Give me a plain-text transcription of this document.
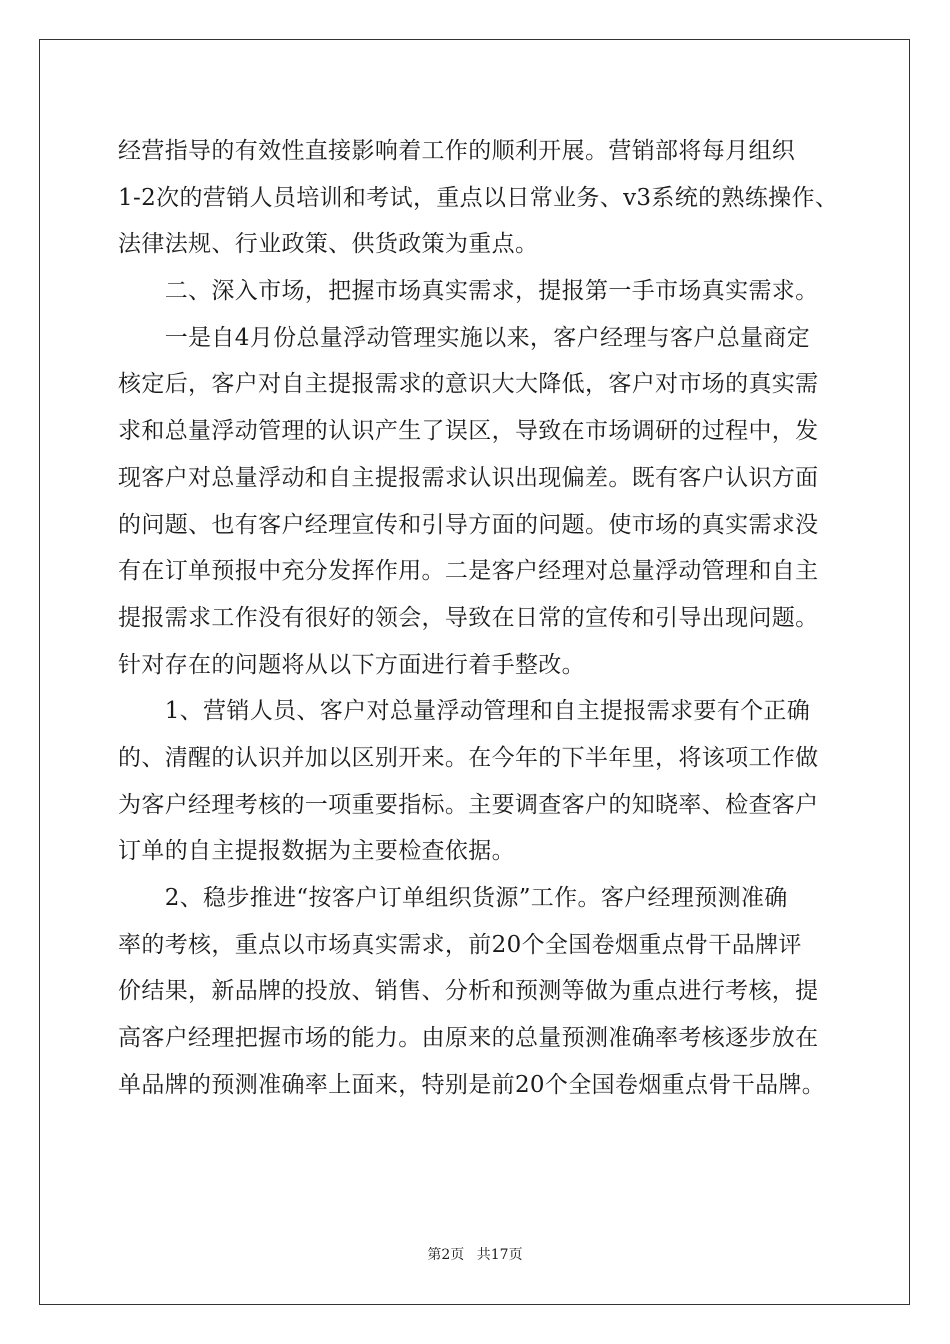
经营指导的有效性直接影响着工作的顺利开展。营销部将每月组织
1-2次的营销人员培训和考试，重点以日常业务、v3系统的熟练操作、
法律法规、行业政策、供货政策为重点。
　　二、深入市场，把握市场真实需求，提报第一手市场真实需求。
　　一是自4月份总量浮动管理实施以来，客户经理与客户总量商定
核定后，客户对自主提报需求的意识大大降低，客户对市场的真实需
求和总量浮动管理的认识产生了误区，导致在市场调研的过程中，发
现客户对总量浮动和自主提报需求认识出现偏差。既有客户认识方面
的问题、也有客户经理宣传和引导方面的问题。使市场的真实需求没
有在订单预报中充分发挥作用。二是客户经理对总量浮动管理和自主
提报需求工作没有很好的领会，导致在日常的宣传和引导出现问题。
针对存在的问题将从以下方面进行着手整改。
　　1、营销人员、客户对总量浮动管理和自主提报需求要有个正确
的、清醒的认识并加以区别开来。在今年的下半年里，将该项工作做
为客户经理考核的一项重要指标。主要调查客户的知晓率、检查客户
订单的自主提报数据为主要检查依据。
　　2、稳步推进“按客户订单组织货源”工作。客户经理预测准确
率的考核，重点以市场真实需求，前20个全国卷烟重点骨干品牌评
价结果，新品牌的投放、销售、分析和预测等做为重点进行考核，提
高客户经理把握市场的能力。由原来的总量预测准确率考核逐步放在
单品牌的预测准确率上面来，特别是前20个全国卷烟重点骨干品牌。
第2页 共17页
